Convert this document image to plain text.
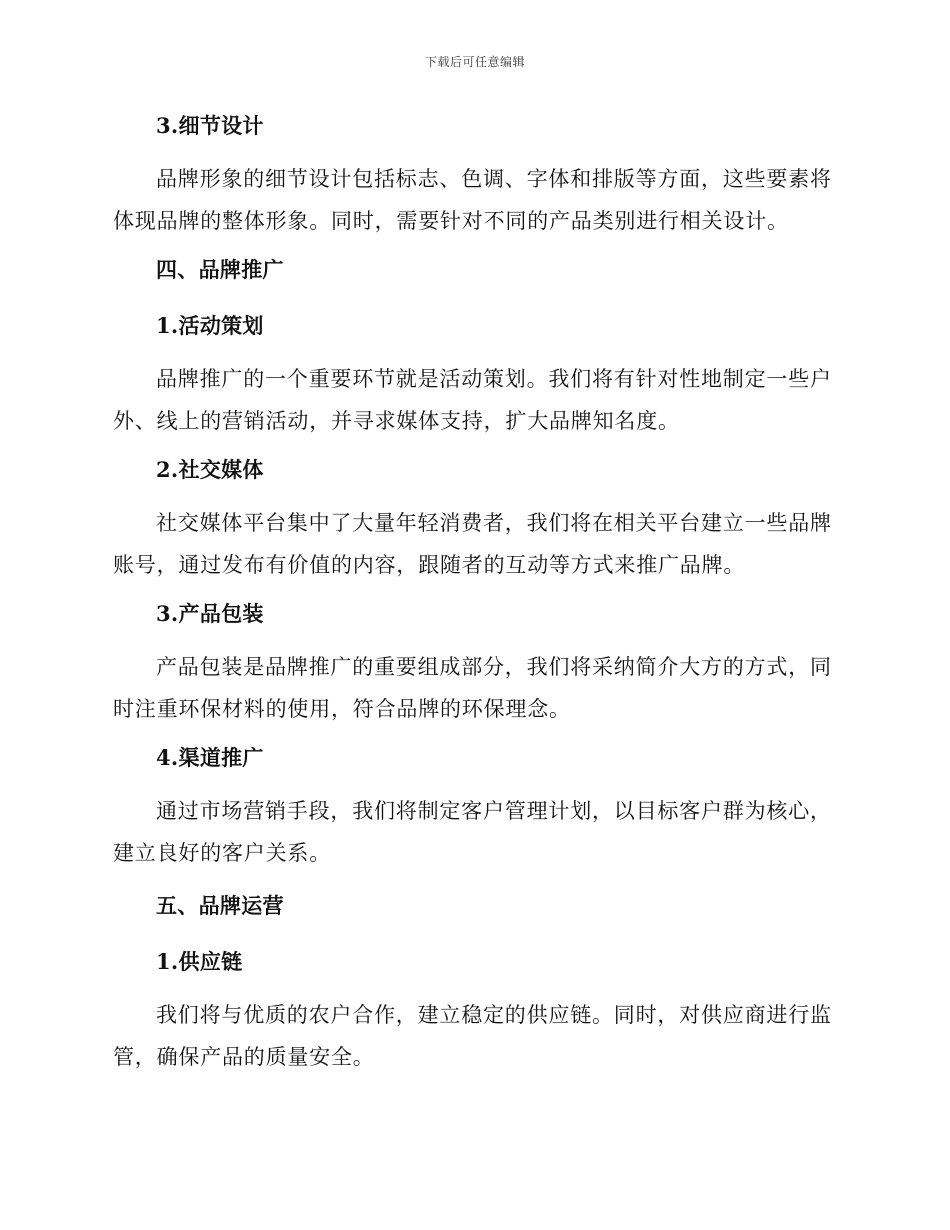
下载后可任意编辑
3.细节设计

品牌形象的细节设计包括标志、色调、字体和排版等方面，这些要素将体现品牌的整体形象。同时，需要针对不同的产品类别进行相关设计。

四、品牌推广
1.活动策划

品牌推广的一个重要环节就是活动策划。我们将有针对性地制定一些户外、线上的营销活动，并寻求媒体支持，扩大品牌知名度。

2.社交媒体

社交媒体平台集中了大量年轻消费者，我们将在相关平台建立一些品牌账号，通过发布有价值的内容，跟随者的互动等方式来推广品牌。

3.产品包装

产品包装是品牌推广的重要组成部分，我们将采纳简介大方的方式，同时注重环保材料的使用，符合品牌的环保理念。

4.渠道推广

通过市场营销手段，我们将制定客户管理计划，以目标客户群为核心，建立良好的客户关系。

五、品牌运营
1.供应链

我们将与优质的农户合作，建立稳定的供应链。同时，对供应商进行监管，确保产品的质量安全。
